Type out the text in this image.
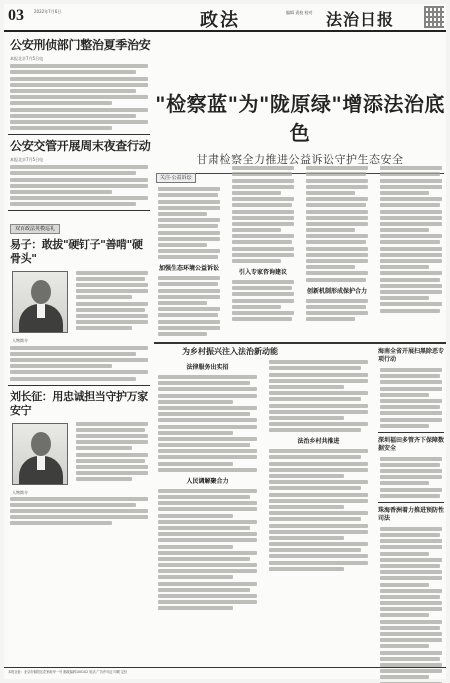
03	2022年7月6日	政法	编辑 责校 校对 法治日报
公安刑侦部门整治夏季治安
本报北京7月5日电
公安交管开展周末夜查行动
本报北京7月5日电
双百政法英模巡礼
易子：敢拔"硬钉子"善啃"硬骨头"
人物简介
刘长征：用忠诚担当守护万家安宁
人物简介
"检察蓝"为"陇原绿"增添法治底色
甘肃检察全力推进公益诉讼守护生态安全
关注·公益诉讼
加强生态环境公益诉讼
引入专家咨询建议
创新机制形成保护合力
为乡村振兴注入法治新动能
法律服务出实招
人民调解聚合力
法治乡村共推进
海南全省开展扫黑除恶专项行动
深圳福田多管齐下保障数据安全
珠海香洲着力推进预防性司法
本报社址：北京市朝阳区花家地甲一号 邮政编码100102 电话 广告许可证 印刷 定价
